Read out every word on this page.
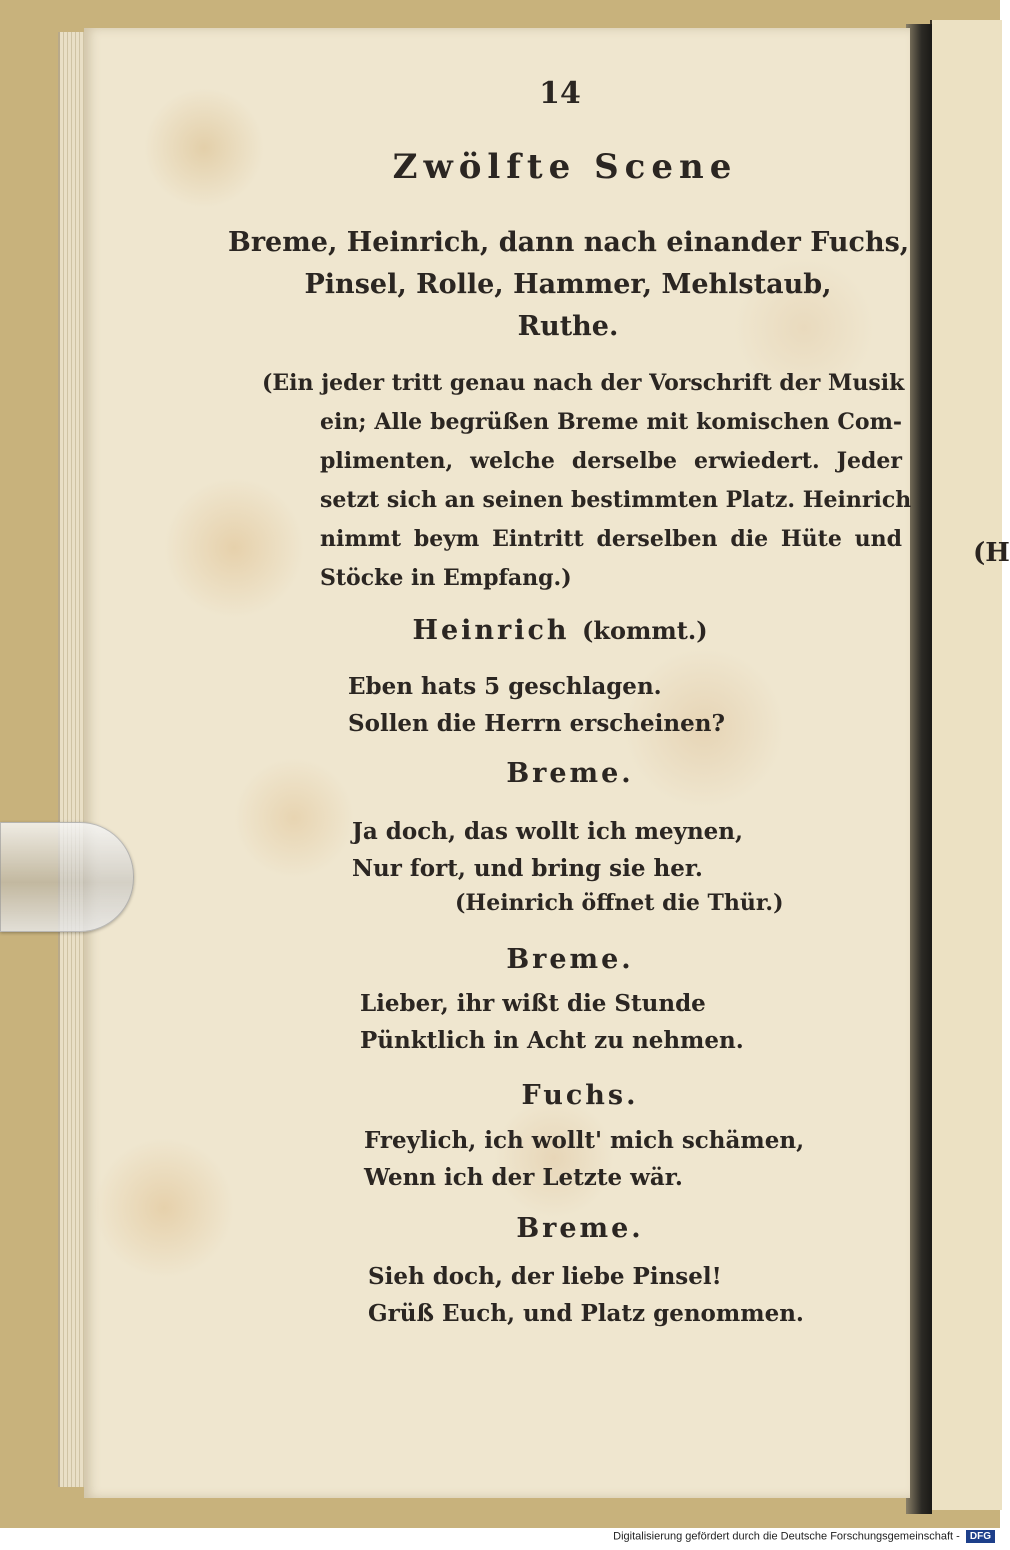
(H
14
Zwölfte Scene
Breme, Heinrich, dann nach einander Fuchs,
Pinsel, Rolle, Hammer, Mehlstaub,
Ruthe.
(Ein jeder tritt genau nach der Vorschrift der Musik
ein; Alle begrüßen Breme mit komischen Com-
plimenten, welche derselbe erwiedert. Jeder
setzt sich an seinen bestimmten Platz. Heinrich
nimmt beym Eintritt derselben die Hüte und
Stöcke in Empfang.)
Heinrich (kommt.)
Eben hats 5 geschlagen.
Sollen die Herrn erscheinen?
Breme.
Ja doch, das wollt ich meynen,
Nur fort, und bring sie her.
(Heinrich öffnet die Thür.)
Breme.
Lieber, ihr wißt die Stunde
Pünktlich in Acht zu nehmen.
Fuchs.
Freylich, ich wollt' mich schämen,
Wenn ich der Letzte wär.
Breme.
Sieh doch, der liebe Pinsel!
Grüß Euch, und Platz genommen.
Digitalisierung gefördert durch die Deutsche Forschungsgemeinschaft - DFG
